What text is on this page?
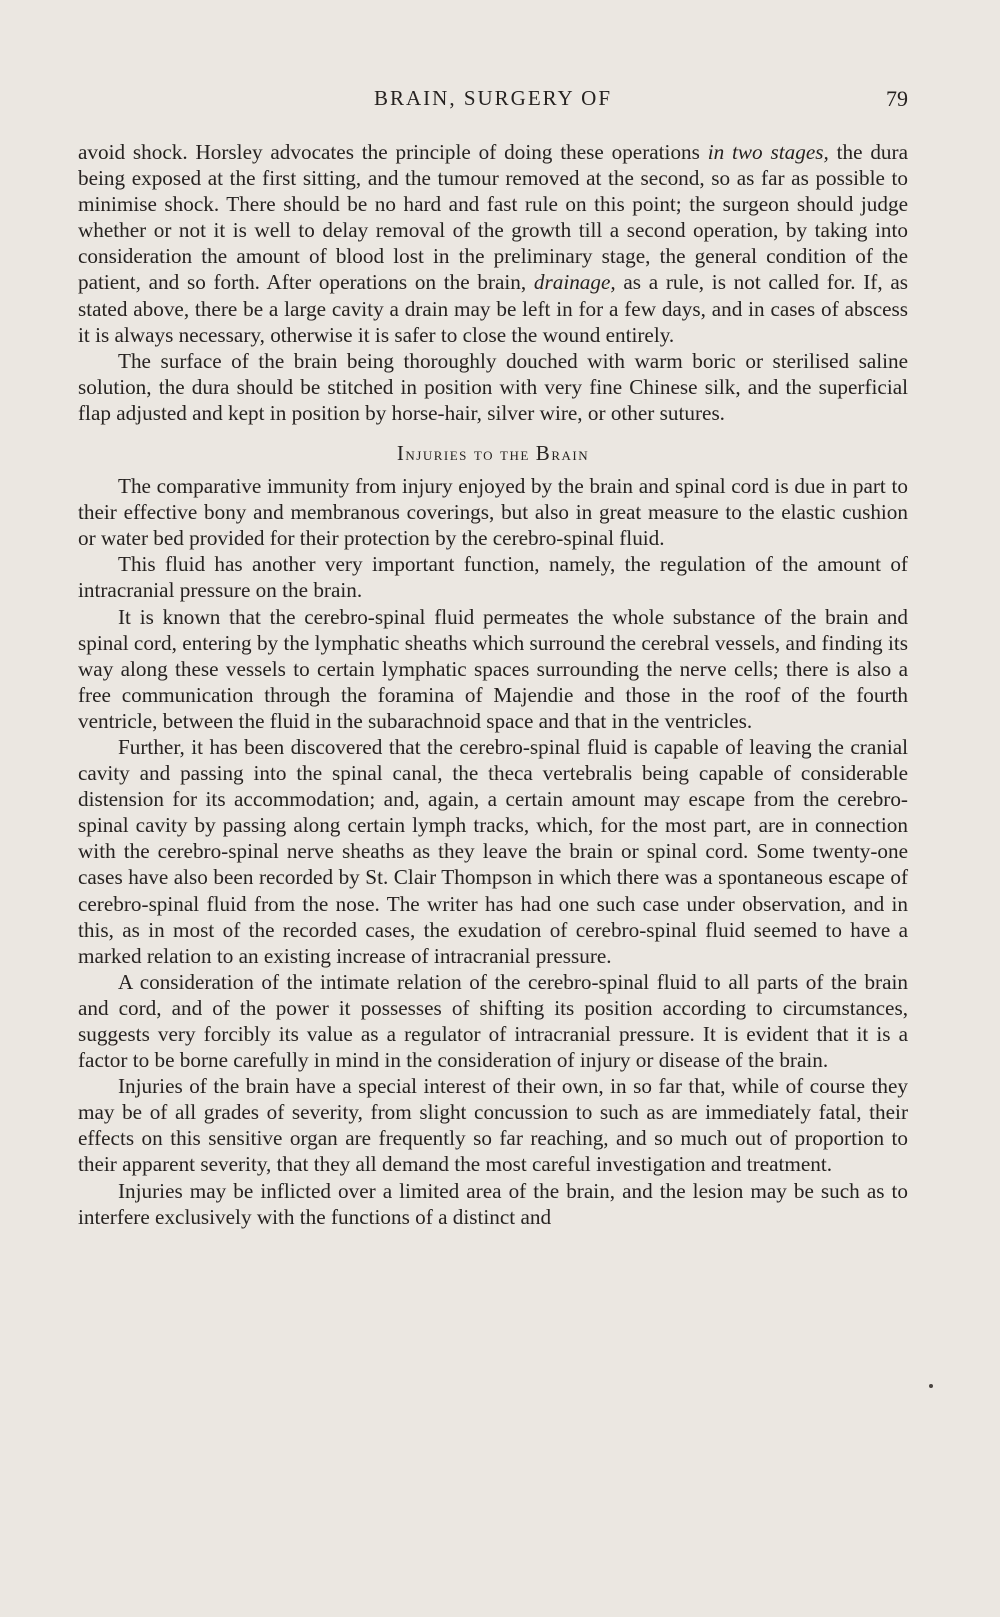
BRAIN, SURGERY OF	79

avoid shock. Horsley advocates the principle of doing these operations in two stages, the dura being exposed at the first sitting, and the tumour removed at the second, so as far as possible to minimise shock. There should be no hard and fast rule on this point; the surgeon should judge whether or not it is well to delay removal of the growth till a second operation, by taking into consideration the amount of blood lost in the preliminary stage, the general condition of the patient, and so forth. After operations on the brain, drainage, as a rule, is not called for. If, as stated above, there be a large cavity a drain may be left in for a few days, and in cases of abscess it is always necessary, otherwise it is safer to close the wound entirely.

The surface of the brain being thoroughly douched with warm boric or sterilised saline solution, the dura should be stitched in position with very fine Chinese silk, and the superficial flap adjusted and kept in position by horse-hair, silver wire, or other sutures.

Injuries to the Brain

The comparative immunity from injury enjoyed by the brain and spinal cord is due in part to their effective bony and membranous coverings, but also in great measure to the elastic cushion or water bed provided for their protection by the cerebro-spinal fluid.

This fluid has another very important function, namely, the regulation of the amount of intracranial pressure on the brain.

It is known that the cerebro-spinal fluid permeates the whole substance of the brain and spinal cord, entering by the lymphatic sheaths which surround the cerebral vessels, and finding its way along these vessels to certain lymphatic spaces surrounding the nerve cells; there is also a free communication through the foramina of Majendie and those in the roof of the fourth ventricle, between the fluid in the subarachnoid space and that in the ventricles.

Further, it has been discovered that the cerebro-spinal fluid is capable of leaving the cranial cavity and passing into the spinal canal, the theca vertebralis being capable of considerable distension for its accommodation; and, again, a certain amount may escape from the cerebro-spinal cavity by passing along certain lymph tracks, which, for the most part, are in connection with the cerebro-spinal nerve sheaths as they leave the brain or spinal cord. Some twenty-one cases have also been recorded by St. Clair Thompson in which there was a spontaneous escape of cerebro-spinal fluid from the nose. The writer has had one such case under observation, and in this, as in most of the recorded cases, the exudation of cerebro-spinal fluid seemed to have a marked relation to an existing increase of intracranial pressure.

A consideration of the intimate relation of the cerebro-spinal fluid to all parts of the brain and cord, and of the power it possesses of shifting its position according to circumstances, suggests very forcibly its value as a regulator of intracranial pressure. It is evident that it is a factor to be borne carefully in mind in the consideration of injury or disease of the brain.

Injuries of the brain have a special interest of their own, in so far that, while of course they may be of all grades of severity, from slight concussion to such as are immediately fatal, their effects on this sensitive organ are frequently so far reaching, and so much out of proportion to their apparent severity, that they all demand the most careful investigation and treatment.

Injuries may be inflicted over a limited area of the brain, and the lesion may be such as to interfere exclusively with the functions of a distinct and
